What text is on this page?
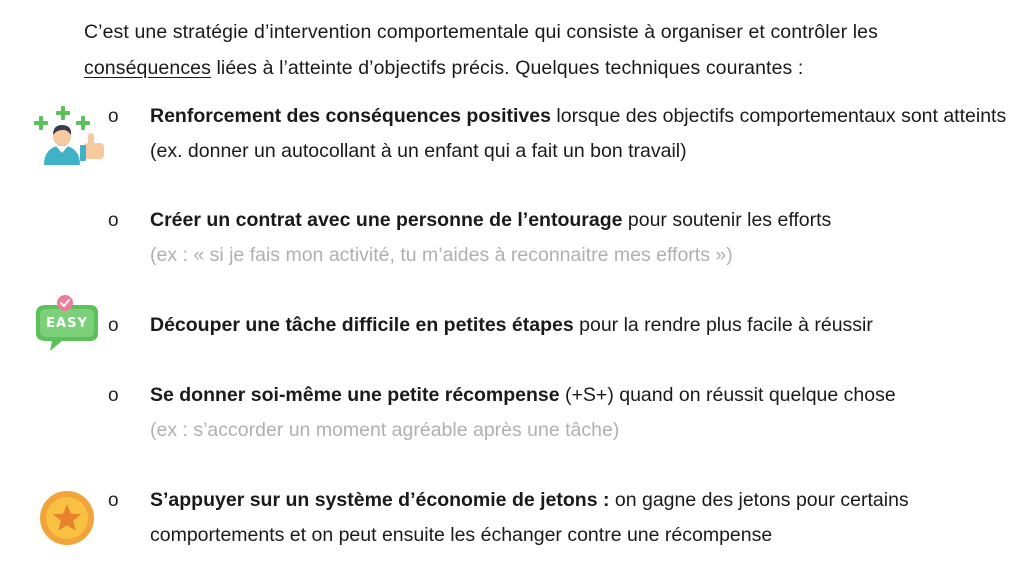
C’est une stratégie d’intervention comportementale qui consiste à organiser et contrôler les
conséquences liées à l’atteinte d’objectifs précis. Quelques techniques courantes :
EASY
o Renforcement des conséquences positives lorsque des objectifs comportementaux sont atteints (ex. donner un autocollant à un enfant qui a fait un bon travail)
o Créer un contrat avec une personne de l’entourage pour soutenir les efforts
(ex : « si je fais mon activité, tu m’aides à reconnaitre mes efforts »)
o Découper une tâche difficile en petites étapes pour la rendre plus facile à réussir
o Se donner soi-même une petite récompense (+S+) quand on réussit quelque chose
(ex : s’accorder un moment agréable après une tâche)
o S’appuyer sur un système d’économie de jetons : on gagne des jetons pour certains comportements et on peut ensuite les échanger contre une récompense
